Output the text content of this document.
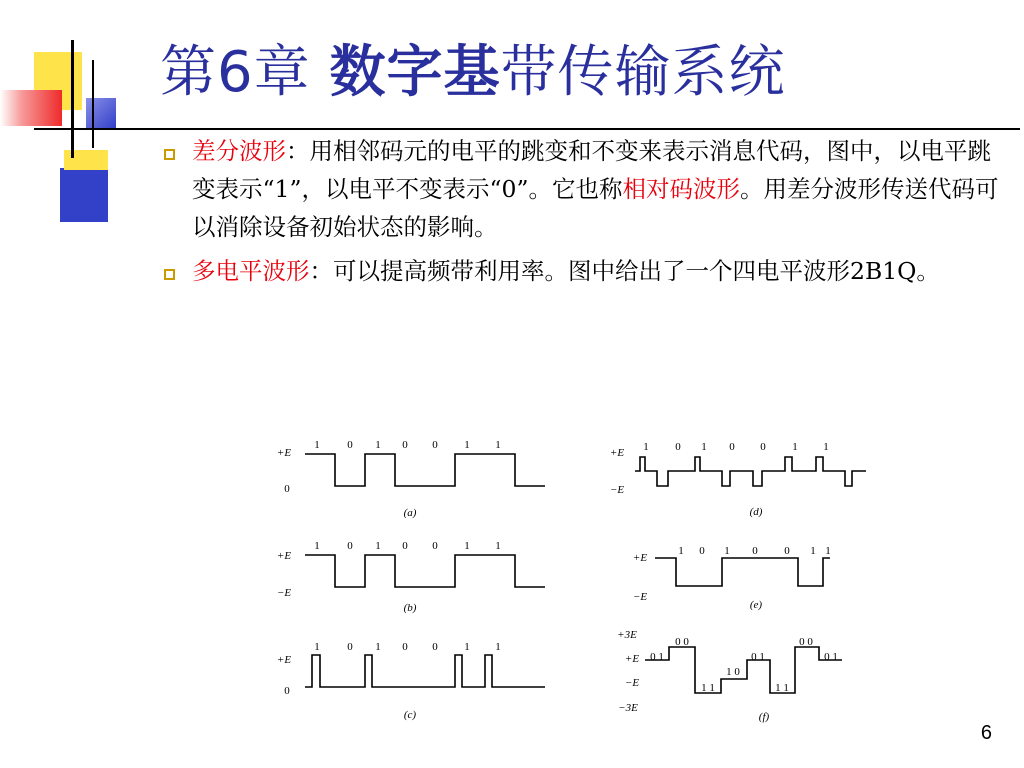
第6章 数字基带传输系统
差分波形：用相邻码元的电平的跳变和不变来表示消息代码，图中，以电平跳变表示“1”，以电平不变表示“0”。它也称相对码波形。用差分波形传送代码可以消除设备初始状态的影响。
多电平波形：可以提高频带利用率。图中给出了一个四电平波形2B1Q。
1	0 1 0 0 1 1
+E
0
(a)
1	0 1 0 0 1 1
+E
−E
(b)
1	0 1 0 0 1 1
+E
0
(c)
1 0 1 0 0 1 1
+E
−E
(d)
1 0 1 0 0 1 1
+E
−E
(e)
+3E
+E
−E
−3E
0 1
0 0
1 1
1 0
0 1
1 1
0 0
0 1
(f)
6
